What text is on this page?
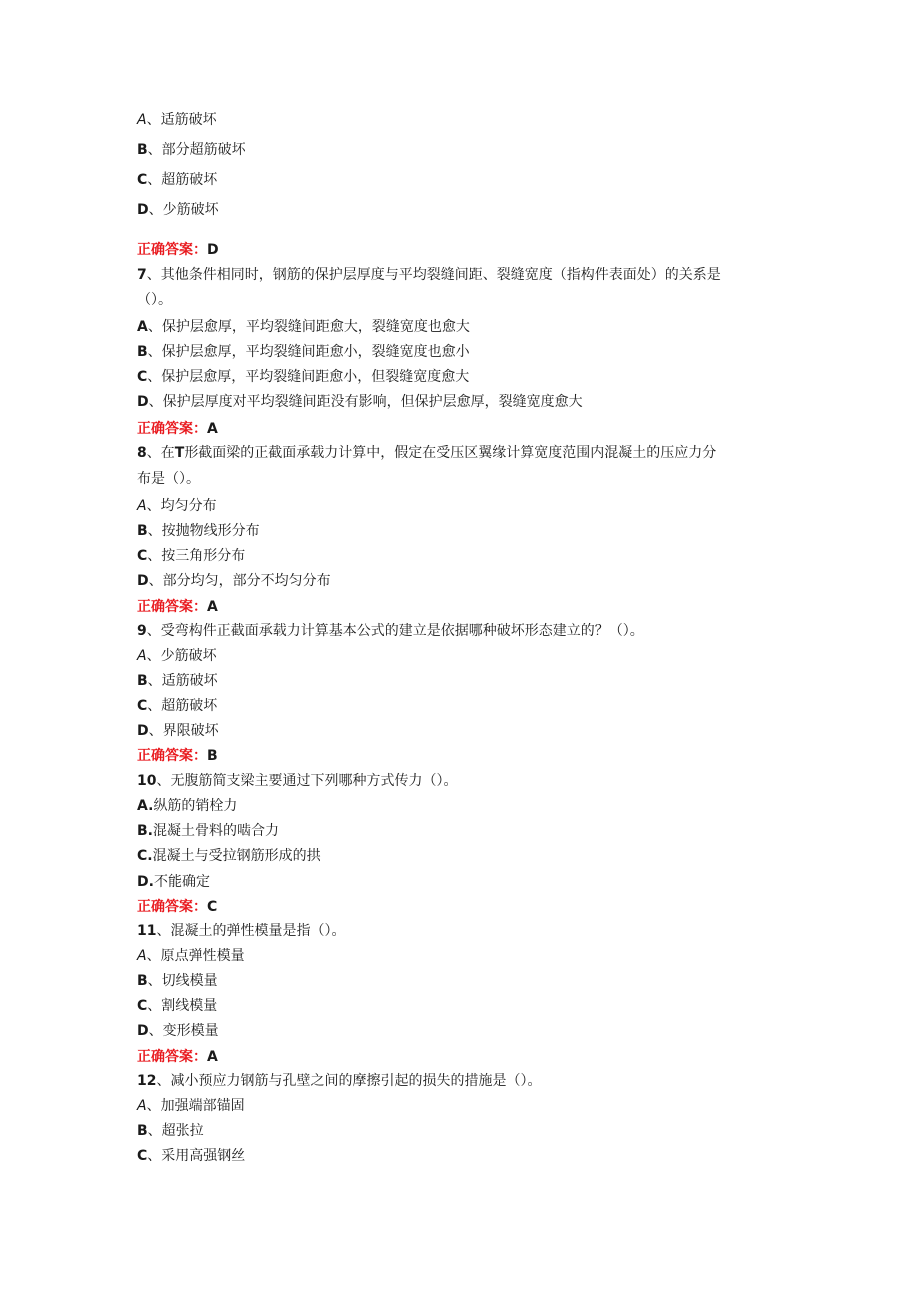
A、适筋破坏
B、部分超筋破坏
C、超筋破坏
D、少筋破坏
正确答案：D
7、其他条件相同时，钢筋的保护层厚度与平均裂缝间距、裂缝宽度（指构件表面处）的关系是
（）。
A、保护层愈厚，平均裂缝间距愈大，裂缝宽度也愈大
B、保护层愈厚，平均裂缝间距愈小，裂缝宽度也愈小
C、保护层愈厚，平均裂缝间距愈小，但裂缝宽度愈大
D、保护层厚度对平均裂缝间距没有影响，但保护层愈厚，裂缝宽度愈大
正确答案：A
8、在T形截面梁的正截面承载力计算中，假定在受压区翼缘计算宽度范围内混凝土的压应力分
布是（）。
A、均匀分布
B、按抛物线形分布
C、按三角形分布
D、部分均匀，部分不均匀分布
正确答案：A
9、受弯构件正截面承载力计算基本公式的建立是依据哪种破坏形态建立的？（）。
A、少筋破坏
B、适筋破坏
C、超筋破坏
D、界限破坏
正确答案：B
10、无腹筋简支梁主要通过下列哪种方式传力（）。
A.纵筋的销栓力
B.混凝土骨料的啮合力
C.混凝土与受拉钢筋形成的拱
D.不能确定
正确答案：C
11、混凝土的弹性模量是指（）。
A、原点弹性模量
B、切线模量
C、割线模量
D、变形模量
正确答案：A
12、减小预应力钢筋与孔壁之间的摩擦引起的损失的措施是（）。
A、加强端部锚固
B、超张拉
C、采用高强钢丝
